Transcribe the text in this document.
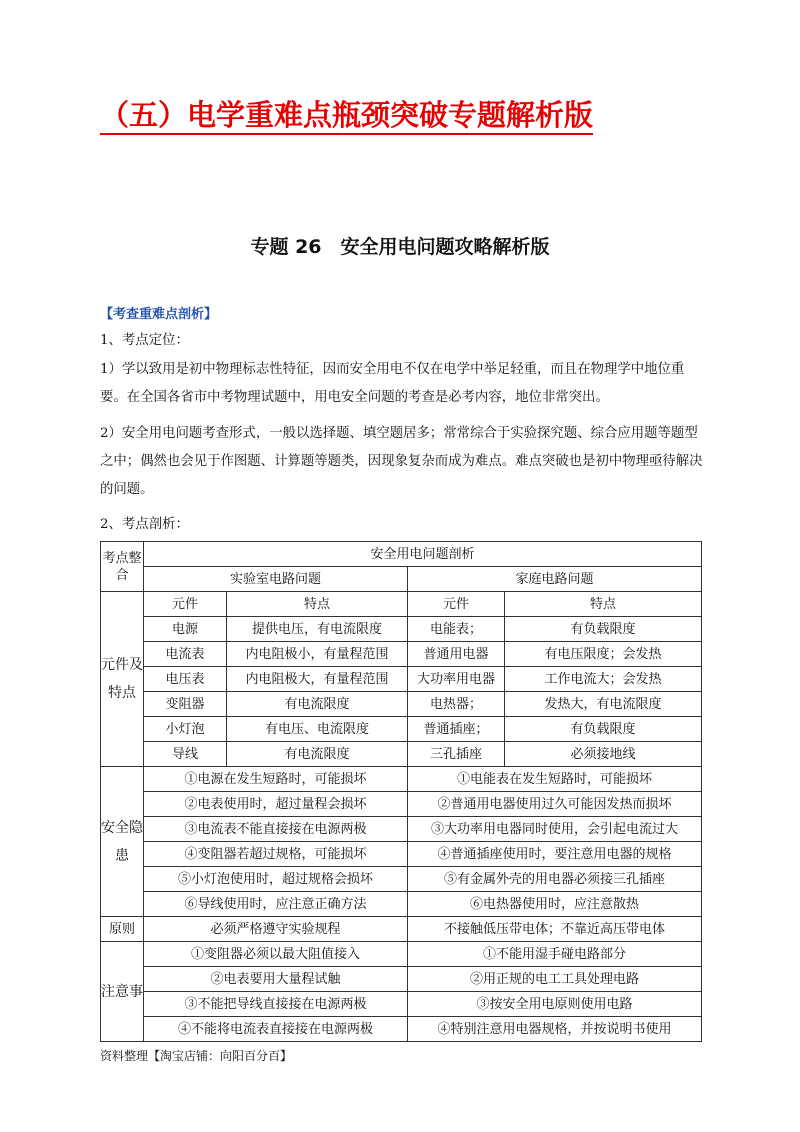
（五）电学重难点瓶颈突破专题解析版
专题 26　安全用电问题攻略解析版
【考查重难点剖析】

1、考点定位：

1）学以致用是初中物理标志性特征，因而安全用电不仅在电学中举足轻重，而且在物理学中地位重要。在全国各省市中考物理试题中，用电安全问题的考查是必考内容，地位非常突出。

2）安全用电问题考查形式，一般以选择题、填空题居多；常常综合于实验探究题、综合应用题等题型之中；偶然也会见于作图题、计算题等题类，因现象复杂而成为难点。难点突破也是初中物理亟待解决的问题。

2、考点剖析：

考点整合	安全用电问题剖析			
	实验室电路问题		家庭电路问题	
元件及特点	元件	特点	元件	特点
	电源	提供电压，有电流限度	电能表；	有负载限度
	电流表	内电阻极小，有量程范围	普通用电器	有电压限度；会发热
	电压表	内电阻极大，有量程范围	大功率用电器	工作电流大；会发热
	变阻器	有电流限度	电热器；	发热大，有电流限度
	小灯泡	有电压、电流限度	普通插座；	有负载限度
	导线	有电流限度	三孔插座	必须接地线
安全隐患	①电源在发生短路时，可能损坏		①电能表在发生短路时，可能损坏	
	②电表使用时，超过量程会损坏		②普通用电器使用过久可能因发热而损坏	
	③电流表不能直接接在电源两极		③大功率用电器同时使用，会引起电流过大	
	④变阻器若超过规格，可能损坏		④普通插座使用时，要注意用电器的规格	
	⑤小灯泡使用时，超过规格会损坏		⑤有金属外壳的用电器必须接三孔插座	
	⑥导线使用时，应注意正确方法		⑥电热器使用时，应注意散热	
原则	必须严格遵守实验规程		不接触低压带电体；不靠近高压带电体	
注意事	①变阻器必须以最大阻值接入		①不能用湿手碰电路部分	
	②电表要用大量程试触		②用正规的电工工具处理电路	
	③不能把导线直接接在电源两极		③按安全用电原则使用电路	
	④不能将电流表直接接在电源两极		④特别注意用电器规格，并按说明书使用	
资料整理【淘宝店铺：向阳百分百】
